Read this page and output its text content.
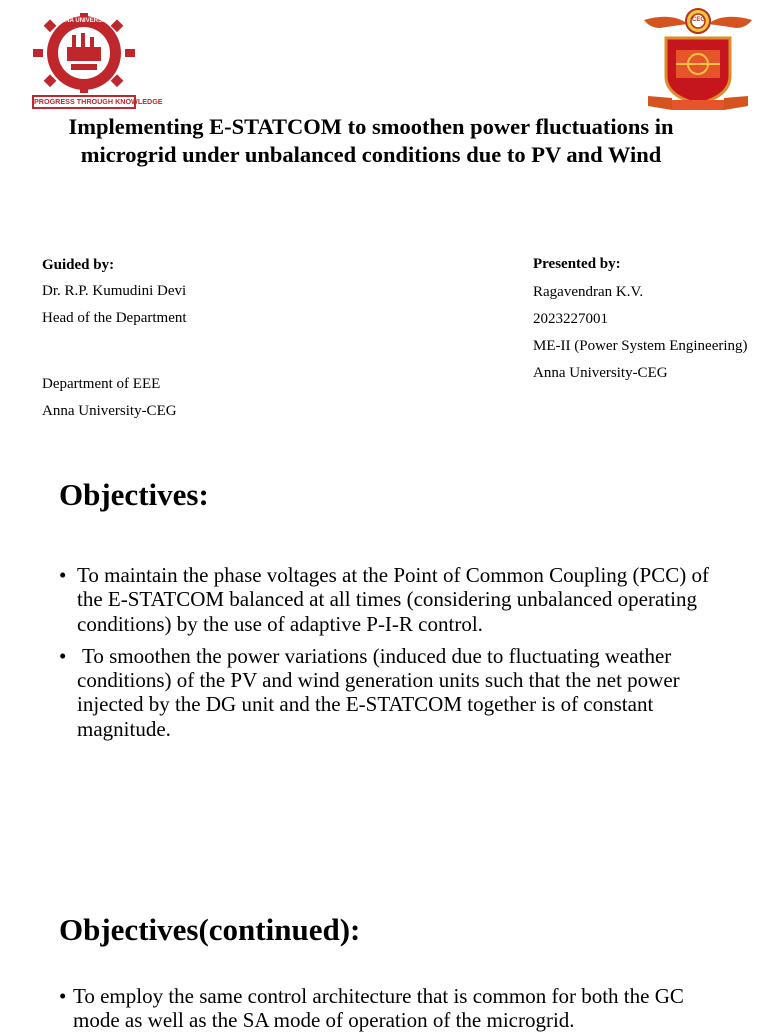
ANNA UNIVERSITY
PROGRESS THROUGH KNOWLEDGE
CEG
Implementing E-STATCOM to smoothen power fluctuations in microgrid under unbalanced conditions due to PV and Wind
Guided by:
Dr. R.P. Kumudini Devi
Head of the Department
Department of EEE
Anna University-CEG
Presented by:
Ragavendran K.V.
2023227001
ME-II (Power System Engineering)
Anna University-CEG
Objectives:

• To maintain the phase voltages at the Point of Common Coupling (PCC) of the E-STATCOM balanced at all times (considering unbalanced operating conditions) by the use of adaptive P-I-R control.

• To smoothen the power variations (induced due to fluctuating weather conditions) of the PV and wind generation units such that the net power injected by the DG unit and the E-STATCOM together is of constant magnitude.

Objectives(continued):

• To employ the same control architecture that is common for both the GC mode as well as the SA mode of operation of the microgrid.
